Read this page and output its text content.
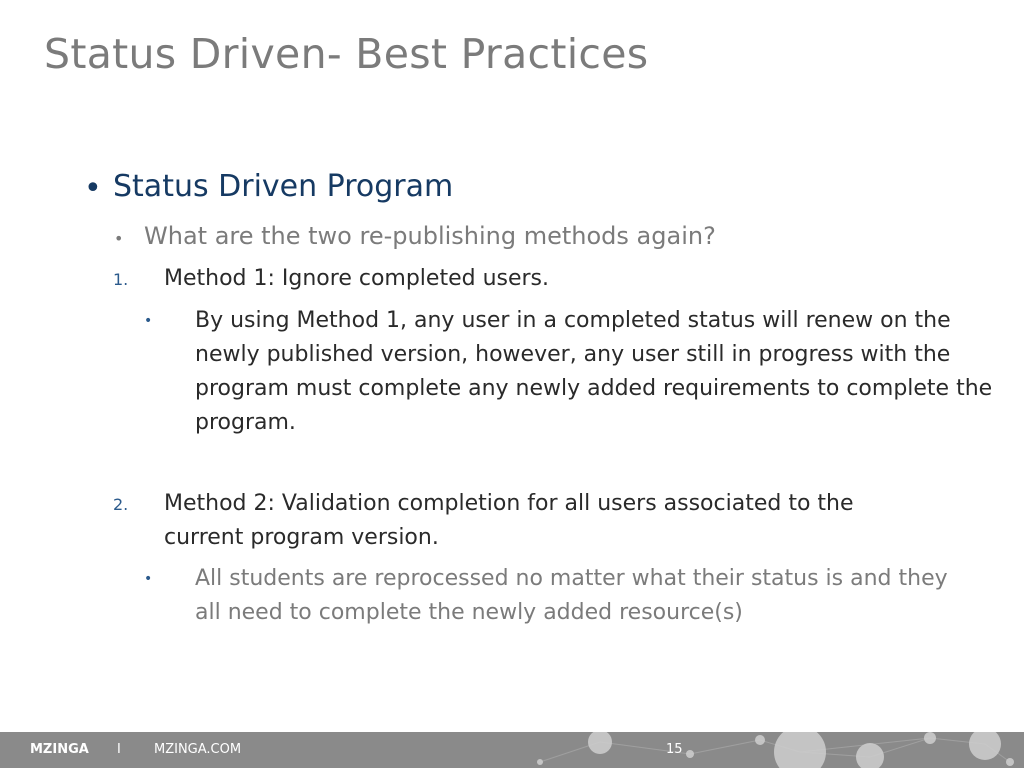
Status Driven- Best Practices
• Status Driven Program
• What are the two re-publishing methods again?
1. Method 1: Ignore completed users.
• By using Method 1, any user in a completed status will renew on the newly published version, however, any user still in progress with the program must complete any newly added requirements to complete the program.
2. Method 2: Validation completion for all users associated to the current program version.
• All students are reprocessed no matter what their status is and they all need to complete the newly added resource(s)
MZINGA I	MZINGA.COM	15
